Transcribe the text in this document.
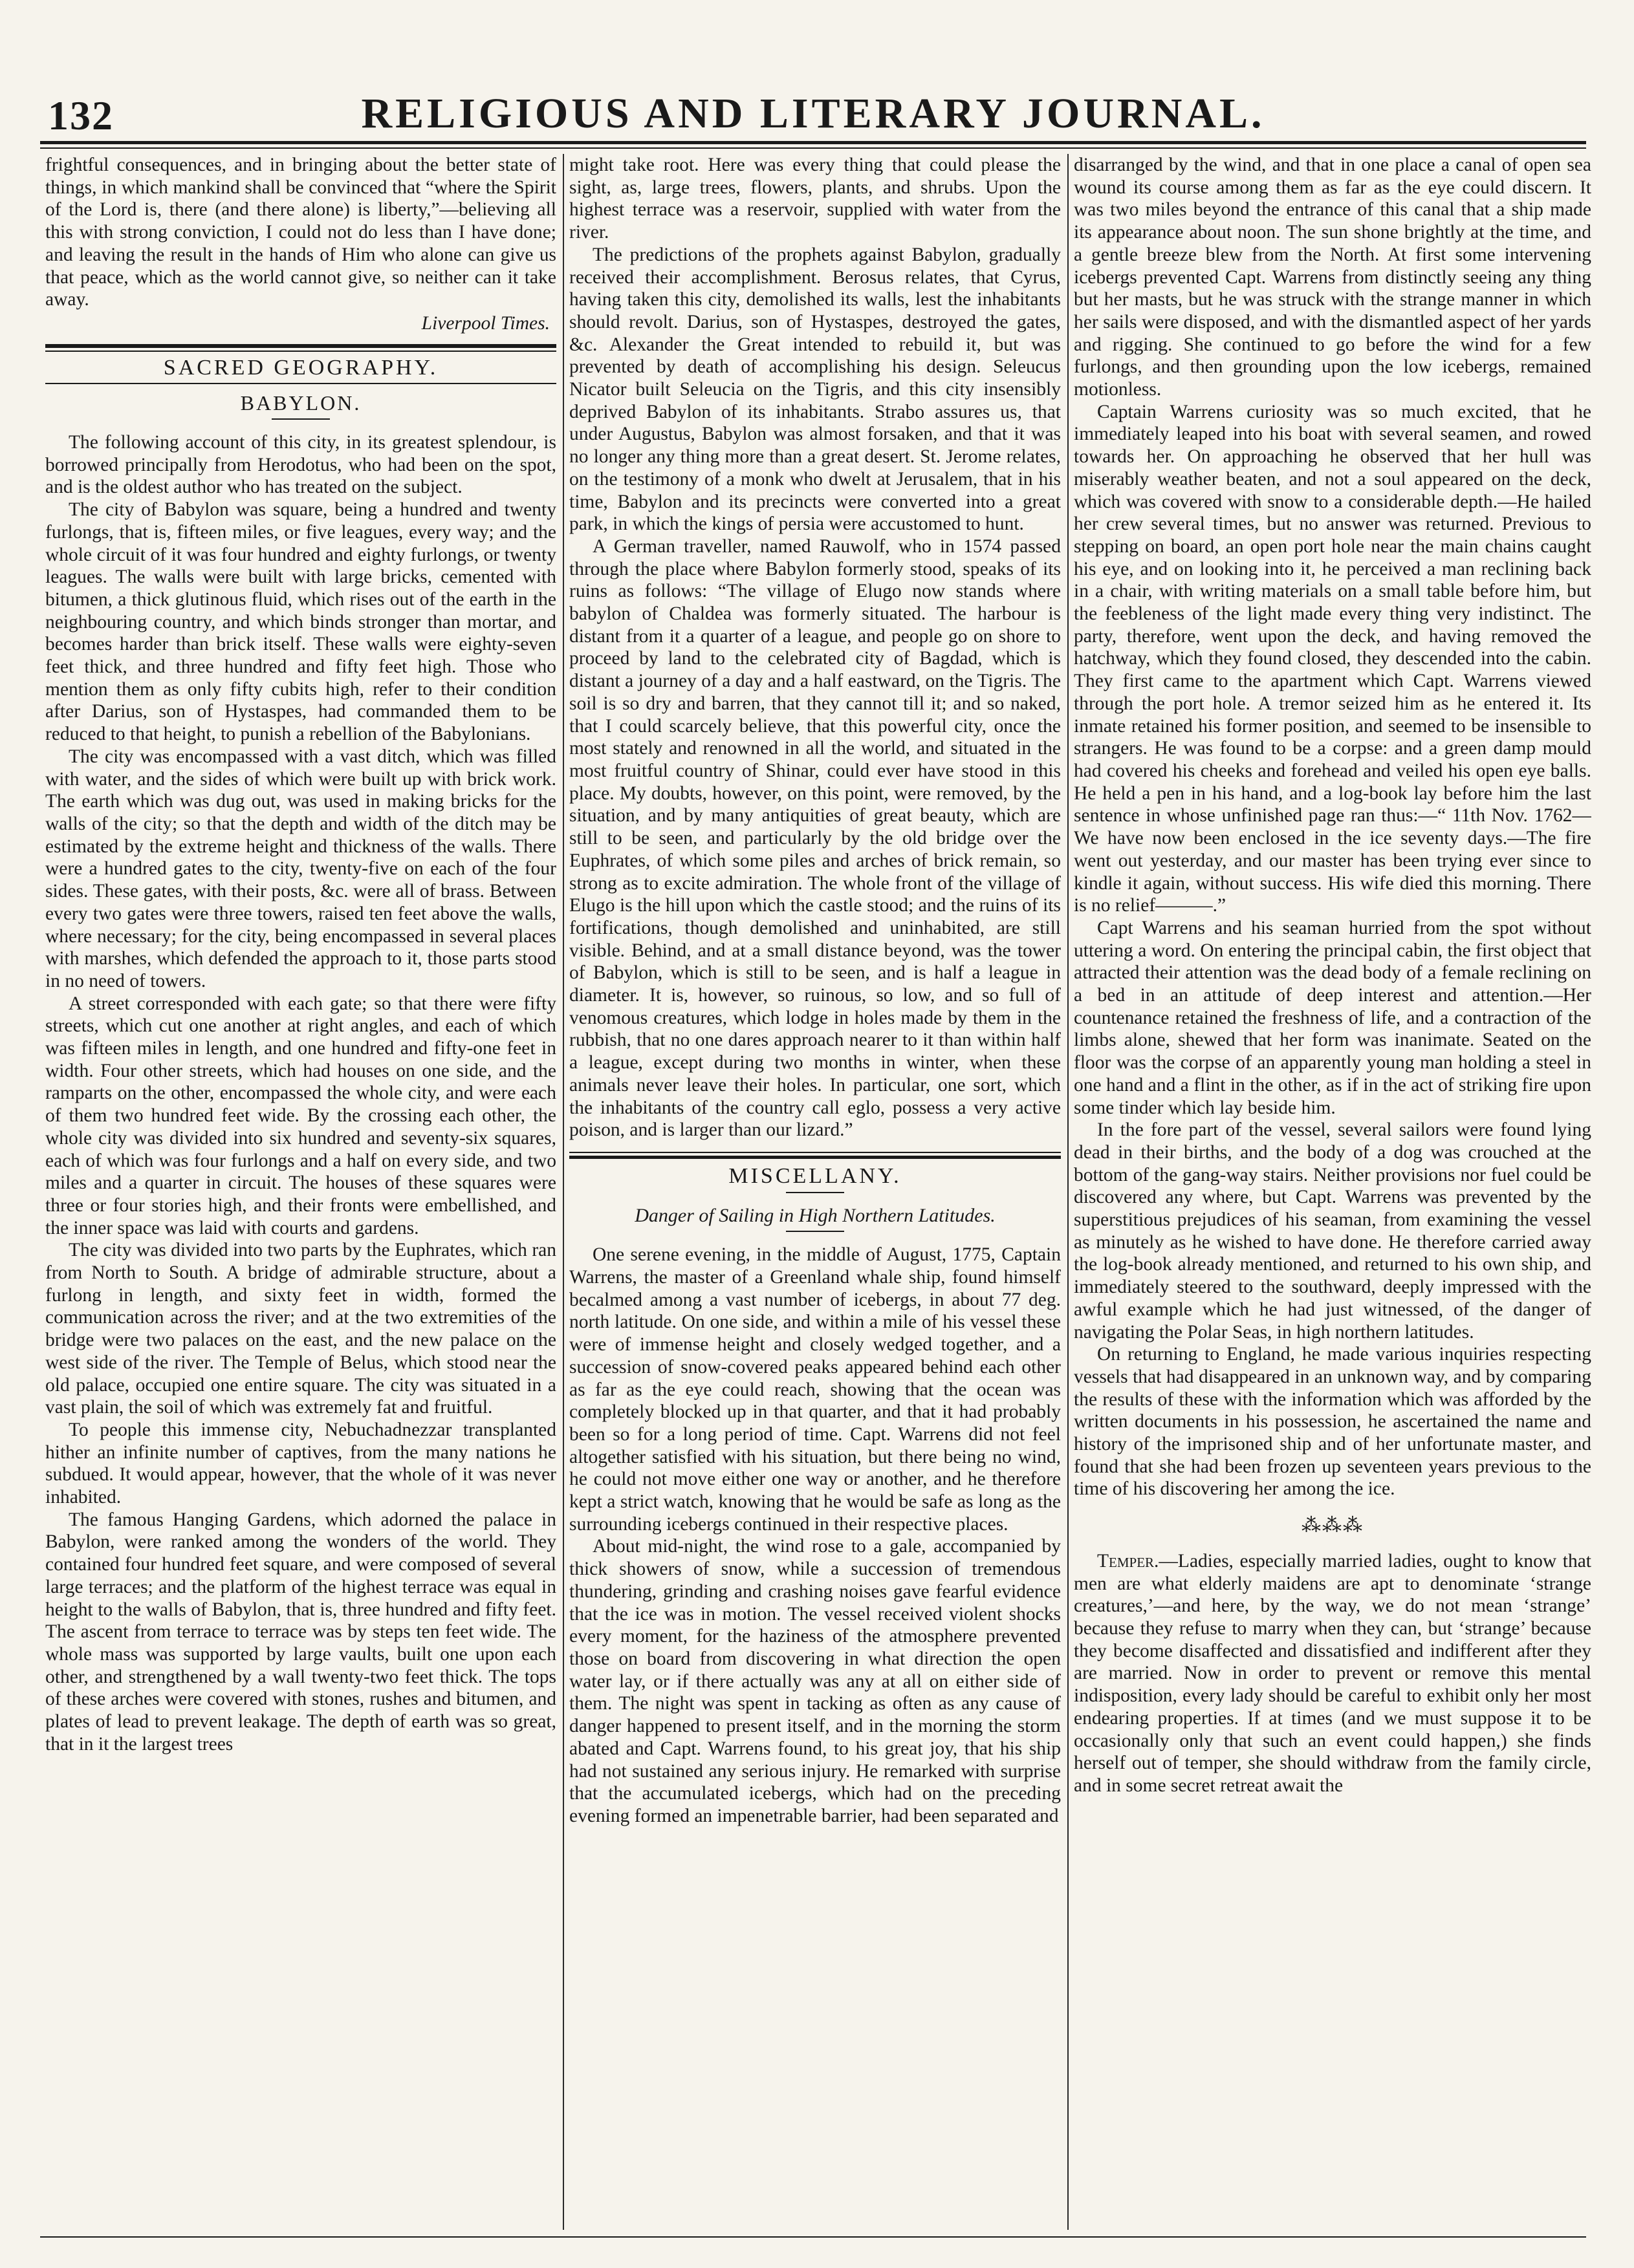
132	RELIGIOUS AND LITERARY JOURNAL.

frightful consequences, and in bringing about the better state of things, in which mankind shall be convinced that “where the Spirit of the Lord is, there (and there alone) is liberty,”—believing all this with strong conviction, I could not do less than I have done; and leaving the result in the hands of Him who alone can give us that peace, which as the world cannot give, so neither can it take away.

Liverpool Times.
SACRED GEOGRAPHY.
BABYLON.

The following account of this city, in its greatest splendour, is borrowed principally from Herodotus, who had been on the spot, and is the oldest author who has treated on the subject.

The city of Babylon was square, being a hundred and twenty furlongs, that is, fifteen miles, or five leagues, every way; and the whole circuit of it was four hundred and eighty furlongs, or twenty leagues. The walls were built with large bricks, cemented with bitumen, a thick glutinous fluid, which rises out of the earth in the neighbouring country, and which binds stronger than mortar, and becomes harder than brick itself. These walls were eighty-seven feet thick, and three hundred and fifty feet high. Those who mention them as only fifty cubits high, refer to their condition after Darius, son of Hystaspes, had commanded them to be reduced to that height, to punish a rebellion of the Babylonians.

The city was encompassed with a vast ditch, which was filled with water, and the sides of which were built up with brick work. The earth which was dug out, was used in making bricks for the walls of the city; so that the depth and width of the ditch may be estimated by the extreme height and thickness of the walls. There were a hundred gates to the city, twenty-five on each of the four sides. These gates, with their posts, &c. were all of brass. Between every two gates were three towers, raised ten feet above the walls, where necessary; for the city, being encompassed in several places with marshes, which defended the approach to it, those parts stood in no need of towers.

A street corresponded with each gate; so that there were fifty streets, which cut one another at right angles, and each of which was fifteen miles in length, and one hundred and fifty-one feet in width. Four other streets, which had houses on one side, and the ramparts on the other, encompassed the whole city, and were each of them two hundred feet wide. By the crossing each other, the whole city was divided into six hundred and seventy-six squares, each of which was four furlongs and a half on every side, and two miles and a quarter in circuit. The houses of these squares were three or four stories high, and their fronts were embellished, and the inner space was laid with courts and gardens.

The city was divided into two parts by the Euphrates, which ran from North to South. A bridge of admirable structure, about a furlong in length, and sixty feet in width, formed the communication across the river; and at the two extremities of the bridge were two palaces on the east, and the new palace on the west side of the river. The Temple of Belus, which stood near the old palace, occupied one entire square. The city was situated in a vast plain, the soil of which was extremely fat and fruitful.

To people this immense city, Nebuchadnezzar transplanted hither an infinite number of captives, from the many nations he subdued. It would appear, however, that the whole of it was never inhabited.

The famous Hanging Gardens, which adorned the palace in Babylon, were ranked among the wonders of the world. They contained four hundred feet square, and were composed of several large terraces; and the platform of the highest terrace was equal in height to the walls of Babylon, that is, three hundred and fifty feet. The ascent from terrace to terrace was by steps ten feet wide. The whole mass was supported by large vaults, built one upon each other, and strengthened by a wall twenty-two feet thick. The tops of these arches were covered with stones, rushes and bitumen, and plates of lead to prevent leakage. The depth of earth was so great, that in it the largest trees

might take root. Here was every thing that could please the sight, as, large trees, flowers, plants, and shrubs. Upon the highest terrace was a reservoir, supplied with water from the river.

The predictions of the prophets against Babylon, gradually received their accomplishment. Berosus relates, that Cyrus, having taken this city, demolished its walls, lest the inhabitants should revolt. Darius, son of Hystaspes, destroyed the gates, &c. Alexander the Great intended to rebuild it, but was prevented by death of accomplishing his design. Seleucus Nicator built Seleucia on the Tigris, and this city insensibly deprived Babylon of its inhabitants. Strabo assures us, that under Augustus, Babylon was almost forsaken, and that it was no longer any thing more than a great desert. St. Jerome relates, on the testimony of a monk who dwelt at Jerusalem, that in his time, Babylon and its precincts were converted into a great park, in which the kings of persia were accustomed to hunt.

A German traveller, named Rauwolf, who in 1574 passed through the place where Babylon formerly stood, speaks of its ruins as follows: “The village of Elugo now stands where babylon of Chaldea was formerly situated. The harbour is distant from it a quarter of a league, and people go on shore to proceed by land to the celebrated city of Bagdad, which is distant a journey of a day and a half eastward, on the Tigris. The soil is so dry and barren, that they cannot till it; and so naked, that I could scarcely believe, that this powerful city, once the most stately and renowned in all the world, and situated in the most fruitful country of Shinar, could ever have stood in this place. My doubts, however, on this point, were removed, by the situation, and by many antiquities of great beauty, which are still to be seen, and particularly by the old bridge over the Euphrates, of which some piles and arches of brick remain, so strong as to excite admiration. The whole front of the village of Elugo is the hill upon which the castle stood; and the ruins of its fortifications, though demolished and uninhabited, are still visible. Behind, and at a small distance beyond, was the tower of Babylon, which is still to be seen, and is half a league in diameter. It is, however, so ruinous, so low, and so full of venomous creatures, which lodge in holes made by them in the rubbish, that no one dares approach nearer to it than within half a league, except during two months in winter, when these animals never leave their holes. In particular, one sort, which the inhabitants of the country call eglo, possess a very active poison, and is larger than our lizard.”

MISCELLANY.
Danger of Sailing in High Northern Latitudes.

One serene evening, in the middle of August, 1775, Captain Warrens, the master of a Greenland whale ship, found himself becalmed among a vast number of icebergs, in about 77 deg. north latitude. On one side, and within a mile of his vessel these were of immense height and closely wedged together, and a succession of snow-covered peaks appeared behind each other as far as the eye could reach, showing that the ocean was completely blocked up in that quarter, and that it had probably been so for a long period of time. Capt. Warrens did not feel altogether satisfied with his situation, but there being no wind, he could not move either one way or another, and he therefore kept a strict watch, knowing that he would be safe as long as the surrounding icebergs continued in their respective places.

About mid-night, the wind rose to a gale, accompanied by thick showers of snow, while a succession of tremendous thundering, grinding and crashing noises gave fearful evidence that the ice was in motion. The vessel received violent shocks every moment, for the haziness of the atmosphere prevented those on board from discovering in what direction the open water lay, or if there actually was any at all on either side of them. The night was spent in tacking as often as any cause of danger happened to present itself, and in the morning the storm abated and Capt. Warrens found, to his great joy, that his ship had not sustained any serious injury. He remarked with surprise that the accumulated icebergs, which had on the preceding evening formed an impenetrable barrier, had been separated and

disarranged by the wind, and that in one place a canal of open sea wound its course among them as far as the eye could discern. It was two miles beyond the entrance of this canal that a ship made its appearance about noon. The sun shone brightly at the time, and a gentle breeze blew from the North. At first some intervening icebergs prevented Capt. Warrens from distinctly seeing any thing but her masts, but he was struck with the strange manner in which her sails were disposed, and with the dismantled aspect of her yards and rigging. She continued to go before the wind for a few furlongs, and then grounding upon the low icebergs, remained motionless.

Captain Warrens curiosity was so much excited, that he immediately leaped into his boat with several seamen, and rowed towards her. On approaching he observed that her hull was miserably weather beaten, and not a soul appeared on the deck, which was covered with snow to a considerable depth.—He hailed her crew several times, but no answer was returned. Previous to stepping on board, an open port hole near the main chains caught his eye, and on looking into it, he perceived a man reclining back in a chair, with writing materials on a small table before him, but the feebleness of the light made every thing very indistinct. The party, therefore, went upon the deck, and having removed the hatchway, which they found closed, they descended into the cabin. They first came to the apartment which Capt. Warrens viewed through the port hole. A tremor seized him as he entered it. Its inmate retained his former position, and seemed to be insensible to strangers. He was found to be a corpse: and a green damp mould had covered his cheeks and forehead and veiled his open eye balls. He held a pen in his hand, and a log-book lay before him the last sentence in whose unfinished page ran thus:—“ 11th Nov. 1762—We have now been enclosed in the ice seventy days.—The fire went out yesterday, and our master has been trying ever since to kindle it again, without success. His wife died this morning. There is no relief———.”

Capt Warrens and his seaman hurried from the spot without uttering a word. On entering the principal cabin, the first object that attracted their attention was the dead body of a female reclining on a bed in an attitude of deep interest and attention.—Her countenance retained the freshness of life, and a contraction of the limbs alone, shewed that her form was inanimate. Seated on the floor was the corpse of an apparently young man holding a steel in one hand and a flint in the other, as if in the act of striking fire upon some tinder which lay beside him.

In the fore part of the vessel, several sailors were found lying dead in their births, and the body of a dog was crouched at the bottom of the gang-way stairs. Neither provisions nor fuel could be discovered any where, but Capt. Warrens was prevented by the superstitious prejudices of his seaman, from examining the vessel as minutely as he wished to have done. He therefore carried away the log-book already mentioned, and returned to his own ship, and immediately steered to the southward, deeply impressed with the awful example which he had just witnessed, of the danger of navigating the Polar Seas, in high northern latitudes.

On returning to England, he made various inquiries respecting vessels that had disappeared in an unknown way, and by comparing the results of these with the information which was afforded by the written documents in his possession, he ascertained the name and history of the imprisoned ship and of her unfortunate master, and found that she had been frozen up seventeen years previous to the time of his discovering her among the ice.

⁂⁂⁂

Temper.—Ladies, especially married ladies, ought to know that men are what elderly maidens are apt to denominate ‘strange creatures,’—and here, by the way, we do not mean ‘strange’ because they refuse to marry when they can, but ‘strange’ because they become disaffected and dissatisfied and indifferent after they are married. Now in order to prevent or remove this mental indisposition, every lady should be careful to exhibit only her most endearing properties. If at times (and we must suppose it to be occasionally only that such an event could happen,) she finds herself out of temper, she should withdraw from the family circle, and in some secret retreat await the
